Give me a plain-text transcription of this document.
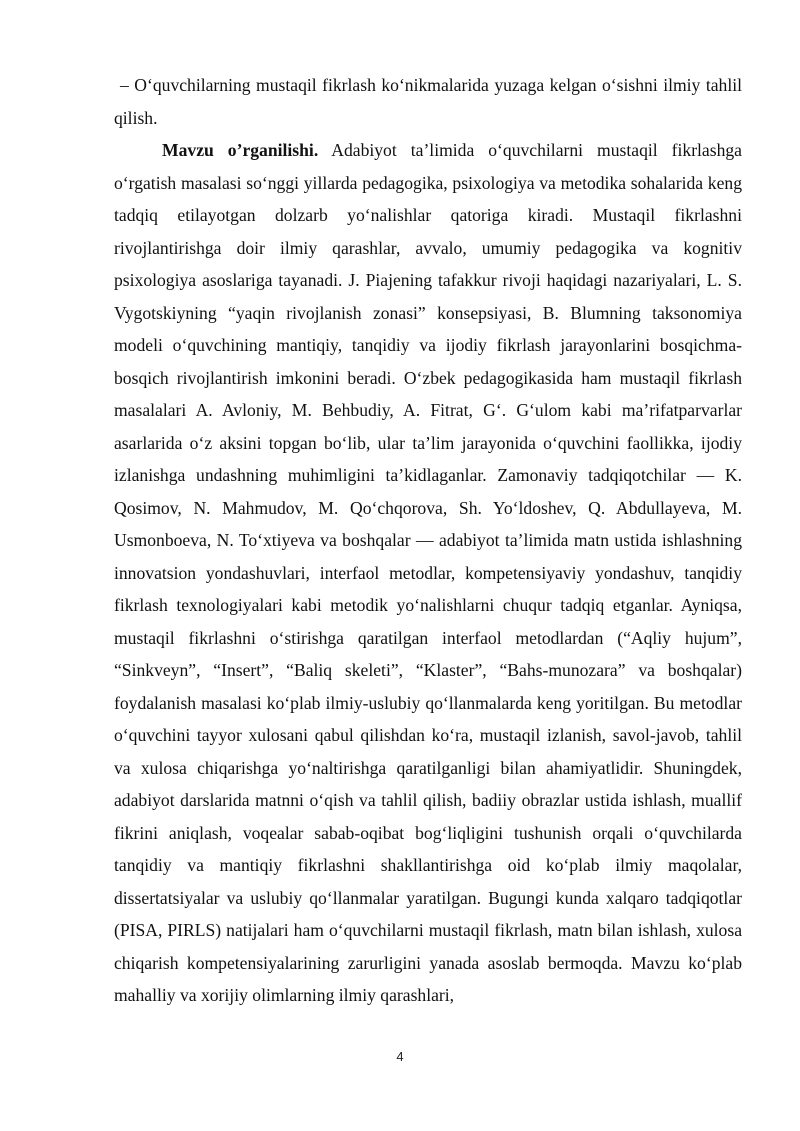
– O‘quvchilarning mustaqil fikrlash ko‘nikmalarida yuzaga kelgan o‘sishni ilmiy tahlil qilish.

Mavzu o’rganilishi. Adabiyot ta’limida o‘quvchilarni mustaqil fikrlashga o‘rgatish masalasi so‘nggi yillarda pedagogika, psixologiya va metodika sohalarida keng tadqiq etilayotgan dolzarb yo‘nalishlar qatoriga kiradi. Mustaqil fikrlashni rivojlantirishga doir ilmiy qarashlar, avvalo, umumiy pedagogika va kognitiv psixologiya asoslariga tayanadi. J. Piajening tafakkur rivoji haqidagi nazariyalari, L. S. Vygotskiyning “yaqin rivojlanish zonasi” konsepsiyasi, B. Blumning taksonomiya modeli o‘quvchining mantiqiy, tanqidiy va ijodiy fikrlash jarayonlarini bosqichma-bosqich rivojlantirish imkonini beradi. O‘zbek pedagogikasida ham mustaqil fikrlash masalalari A. Avloniy, M. Behbudiy, A. Fitrat, G‘. G‘ulom kabi ma’rifatparvarlar asarlarida o‘z aksini topgan bo‘lib, ular ta’lim jarayonida o‘quvchini faollikka, ijodiy izlanishga undashning muhimligini ta’kidlaganlar. Zamonaviy tadqiqotchilar — K. Qosimov, N. Mahmudov, M. Qo‘chqorova, Sh. Yo‘ldoshev, Q. Abdullayeva, M. Usmonboeva, N. To‘xtiyeva va boshqalar — adabiyot ta’limida matn ustida ishlashning innovatsion yondashuvlari, interfaol metodlar, kompetensiyaviy yondashuv, tanqidiy fikrlash texnologiyalari kabi metodik yo‘nalishlarni chuqur tadqiq etganlar. Ayniqsa, mustaqil fikrlashni o‘stirishga qaratilgan interfaol metodlardan (“Aqliy hujum”, “Sinkveyn”, “Insert”, “Baliq skeleti”, “Klaster”, “Bahs-munozara” va boshqalar) foydalanish masalasi ko‘plab ilmiy-uslubiy qo‘llanmalarda keng yoritilgan. Bu metodlar o‘quvchini tayyor xulosani qabul qilishdan ko‘ra, mustaqil izlanish, savol-javob, tahlil va xulosa chiqarishga yo‘naltirishga qaratilganligi bilan ahamiyatlidir. Shuningdek, adabiyot darslarida matnni o‘qish va tahlil qilish, badiiy obrazlar ustida ishlash, muallif fikrini aniqlash, voqealar sabab-oqibat bog‘liqligini tushunish orqali o‘quvchilarda tanqidiy va mantiqiy fikrlashni shakllantirishga oid ko‘plab ilmiy maqolalar, dissertatsiyalar va uslubiy qo‘llanmalar yaratilgan. Bugungi kunda xalqaro tadqiqotlar (PISA, PIRLS) natijalari ham o‘quvchilarni mustaqil fikrlash, matn bilan ishlash, xulosa chiqarish kompetensiyalarining zarurligini yanada asoslab bermoqda. Mavzu ko‘plab mahalliy va xorijiy olimlarning ilmiy qarashlari,

4
